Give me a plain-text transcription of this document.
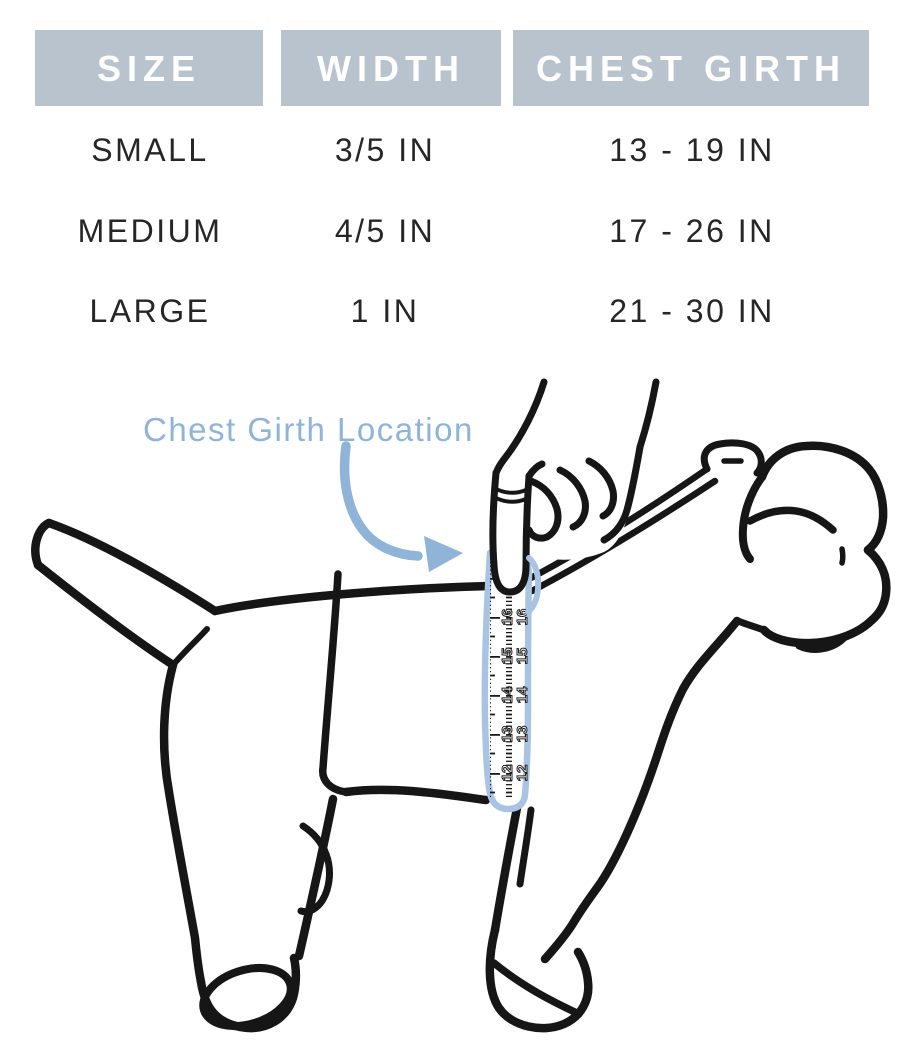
SIZE	WIDTH	CHEST GIRTH
SMALL	3/5 IN	13 - 19 IN
MEDIUM	4/5 IN	17 - 26 IN
LARGE	1 IN	21 - 30 IN
Chest Girth Location
16
15
14
13
12
16
15
14
13
12
